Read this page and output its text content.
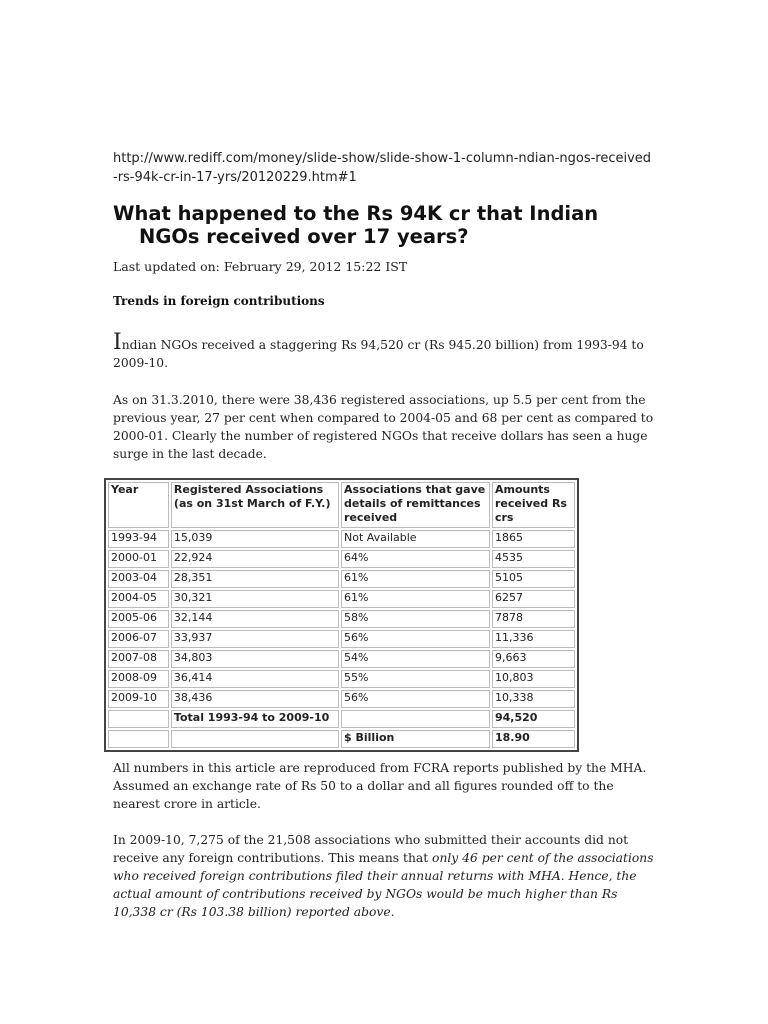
http://www.rediff.com/money/slide-show/slide-show-1-column-ndian-ngos-received-rs-94k-cr-in-17-yrs/20120229.htm#1
What happened to the Rs 94K cr that Indian
NGOs received over 17 years?
Last updated on: February 29, 2012 15:22 IST
Trends in foreign contributions
Indian NGOs received a staggering Rs 94,520 cr (Rs 945.20 billion) from 1993-94 to 2009-10.
As on 31.3.2010, there were 38,436 registered associations, up 5.5 per cent from the previous year, 27 per cent when compared to 2004-05 and 68 per cent as compared to 2000-01. Clearly the number of registered NGOs that receive dollars has seen a huge surge in the last decade.
Year	Registered Associations (as on 31st March of F.Y.)	Associations that gave details of remittances received	Amounts received Rs crs
1993-94	15,039	Not Available	1865
2000-01	22,924	64%	4535
2003-04	28,351	61%	5105
2004-05	30,321	61%	6257
2005-06	32,144	58%	7878
2006-07	33,937	56%	11,336
2007-08	34,803	54%	9,663
2008-09	36,414	55%	10,803
2009-10	38,436	56%	10,338
	Total 1993-94 to 2009-10		94,520
		$ Billion	18.90
All numbers in this article are reproduced from FCRA reports published by the MHA. Assumed an exchange rate of Rs 50 to a dollar and all figures rounded off to the nearest crore in article.
In 2009-10, 7,275 of the 21,508 associations who submitted their accounts did not receive any foreign contributions. This means that only 46 per cent of the associations who received foreign contributions filed their annual returns with MHA. Hence, the actual amount of contributions received by NGOs would be much higher than Rs 10,338 cr (Rs 103.38 billion) reported above.
